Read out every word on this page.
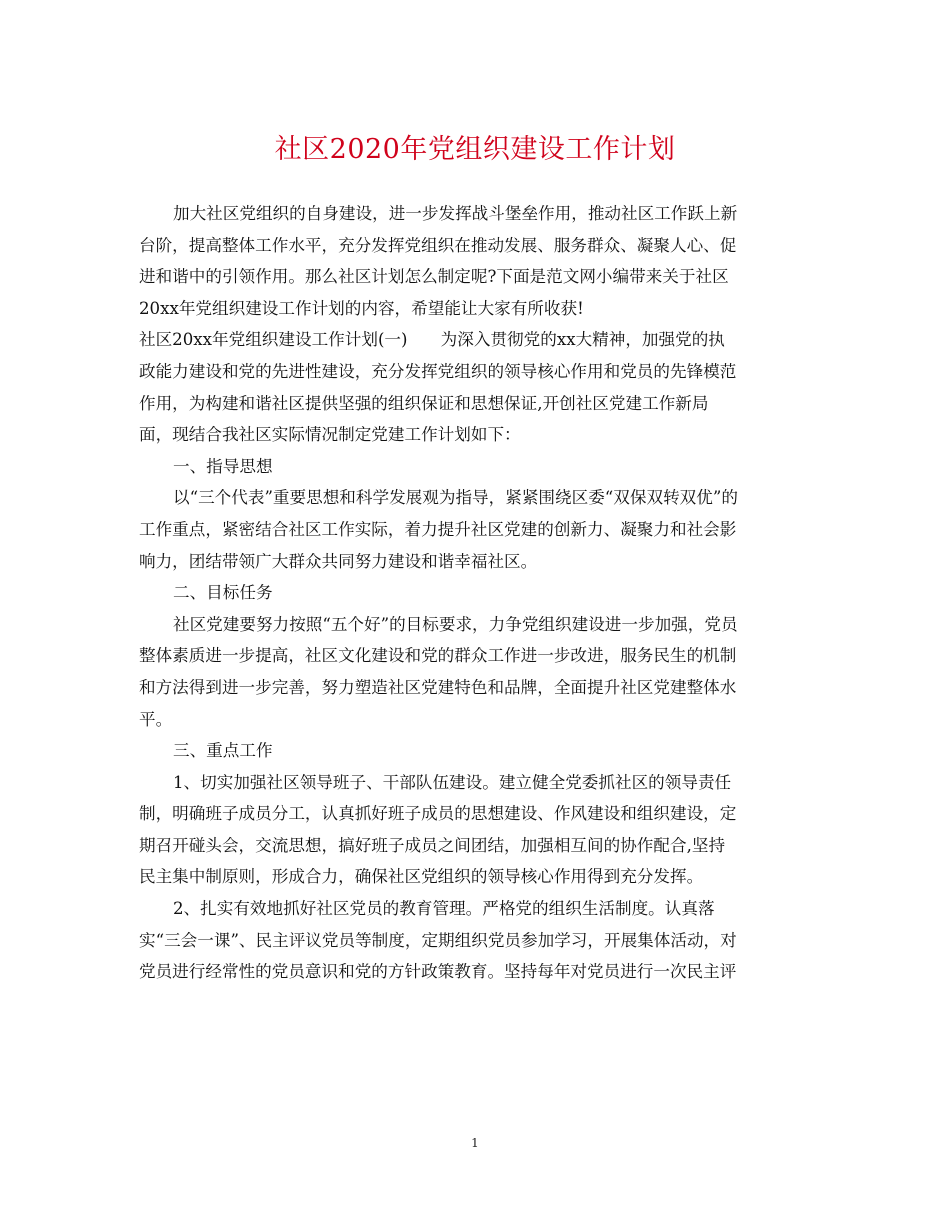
社区2020年党组织建设工作计划
加大社区党组织的自身建设，进一步发挥战斗堡垒作用，推动社区工作跃上新
台阶，提高整体工作水平，充分发挥党组织在推动发展、服务群众、凝聚人心、促
进和谐中的引领作用。那么社区计划怎么制定呢?下面是范文网小编带来关于社区
20xx年党组织建设工作计划的内容，希望能让大家有所收获!
社区20xx年党组织建设工作计划(一)　　为深入贯彻党的xx大精神，加强党的执
政能力建设和党的先进性建设，充分发挥党组织的领导核心作用和党员的先锋模范
作用，为构建和谐社区提供坚强的组织保证和思想保证,开创社区党建工作新局
面，现结合我社区实际情况制定党建工作计划如下：
一、指导思想
以“三个代表”重要思想和科学发展观为指导，紧紧围绕区委“双保双转双优”的
工作重点，紧密结合社区工作实际，着力提升社区党建的创新力、凝聚力和社会影
响力，团结带领广大群众共同努力建设和谐幸福社区。
二、目标任务
社区党建要努力按照“五个好”的目标要求，力争党组织建设进一步加强，党员
整体素质进一步提高，社区文化建设和党的群众工作进一步改进，服务民生的机制
和方法得到进一步完善，努力塑造社区党建特色和品牌，全面提升社区党建整体水
平。
三、重点工作
1、切实加强社区领导班子、干部队伍建设。建立健全党委抓社区的领导责任
制，明确班子成员分工，认真抓好班子成员的思想建设、作风建设和组织建设，定
期召开碰头会，交流思想，搞好班子成员之间团结，加强相互间的协作配合,坚持
民主集中制原则，形成合力，确保社区党组织的领导核心作用得到充分发挥。
2、扎实有效地抓好社区党员的教育管理。严格党的组织生活制度。认真落
实“三会一课”、民主评议党员等制度，定期组织党员参加学习，开展集体活动，对
党员进行经常性的党员意识和党的方针政策教育。坚持每年对党员进行一次民主评
1
